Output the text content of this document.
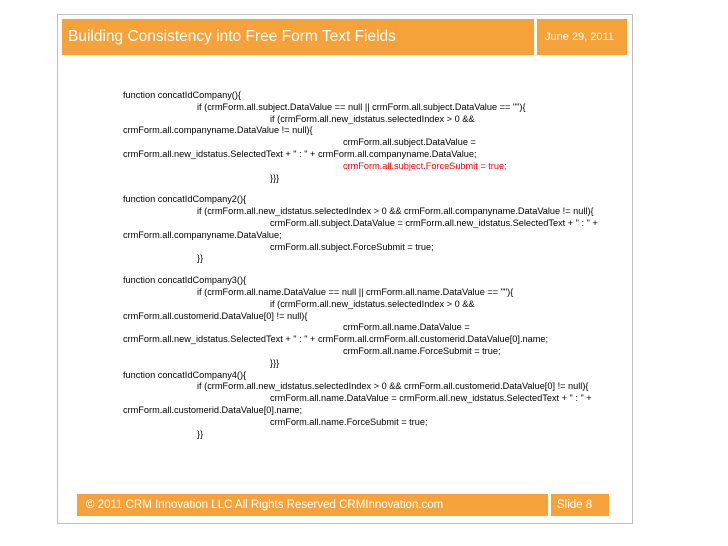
Building Consistency into Free Form Text Fields	June 29, 2011
function concatIdCompany(){
if (crmForm.all.subject.DataValue == null || crmForm.all.subject.DataValue == ""){
if (crmForm.all.new_idstatus.selectedIndex > 0 &&
crmForm.all.companyname.DataValue != null){
crmForm.all.subject.DataValue =
crmForm.all.new_idstatus.SelectedText + " : " + crmForm.all.companyname.DataValue;
crmForm.all.subject.ForceSubmit = true;
}}}
function concatIdCompany2(){
if (crmForm.all.new_idstatus.selectedIndex > 0 && crmForm.all.companyname.DataValue != null){
crmForm.all.subject.DataValue = crmForm.all.new_idstatus.SelectedText + " : " +
crmForm.all.companyname.DataValue;
crmForm.all.subject.ForceSubmit = true;
}}
function concatIdCompany3(){
if (crmForm.all.name.DataValue == null || crmForm.all.name.DataValue == ""){
if (crmForm.all.new_idstatus.selectedIndex > 0 &&
crmForm.all.customerid.DataValue[0] != null){
crmForm.all.name.DataValue =
crmForm.all.new_idstatus.SelectedText + " : " + crmForm.all.crmForm.all.customerid.DataValue[0].name;
crmForm.all.name.ForceSubmit = true;
}}}
function concatIdCompany4(){
if (crmForm.all.new_idstatus.selectedIndex > 0 && crmForm.all.customerid.DataValue[0] != null){
crmForm.all.name.DataValue = crmForm.all.new_idstatus.SelectedText + " : " +
crmForm.all.customerid.DataValue[0].name;
crmForm.all.name.ForceSubmit = true;
}}
© 2011 CRM Innovation LLC All Rights Reserved CRMInnovation.com	Slide 8
